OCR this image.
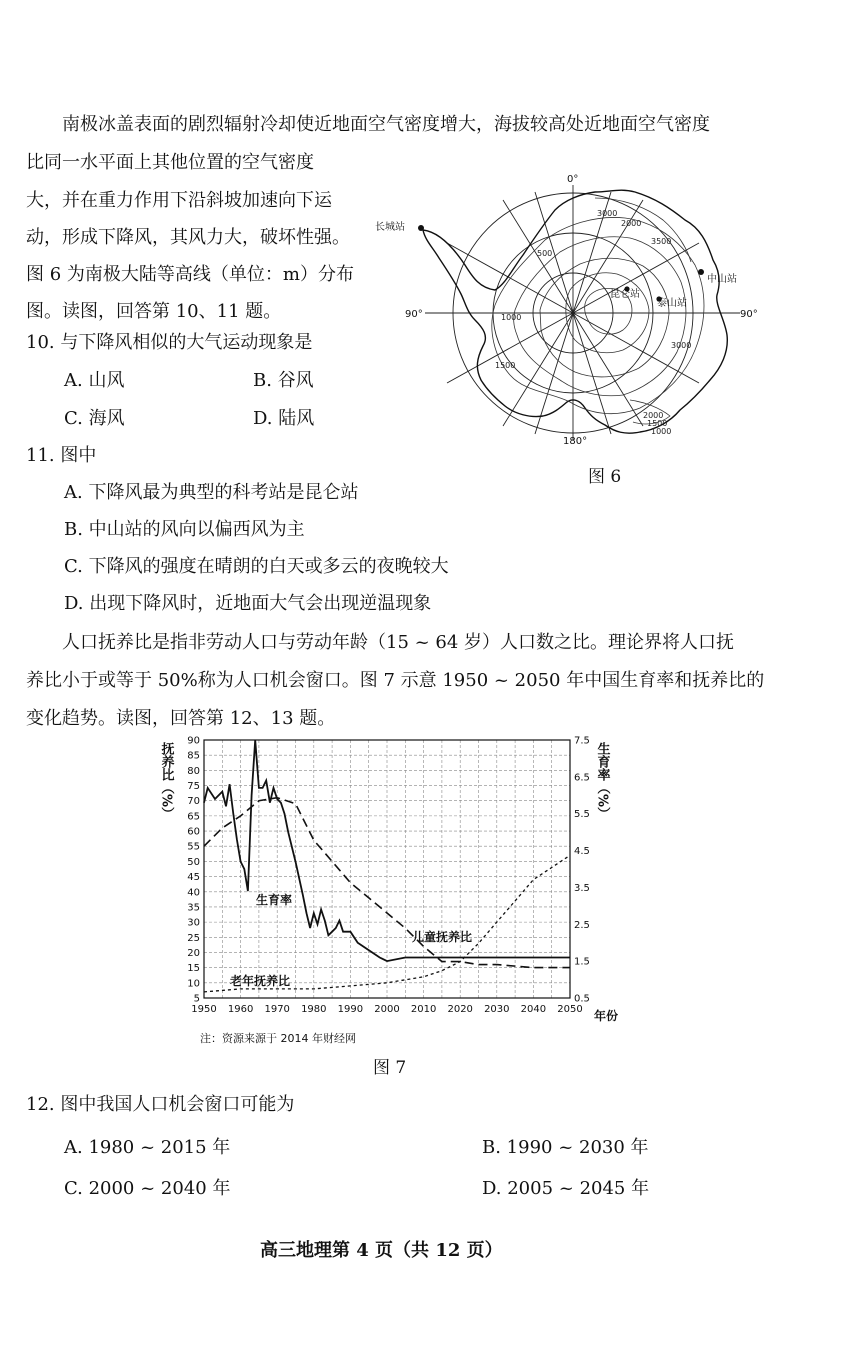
南极冰盖表面的剧烈辐射冷却使近地面空气密度增大，海拔较高处近地面空气密度
比同一水平面上其他位置的空气密度
大，并在重力作用下沿斜坡加速向下运
动，形成下降风，其风力大，破坏性强。
图 6 为南极大陆等高线（单位：m）分布
图。读图，回答第 10、11 题。
10. 与下降风相似的大气运动现象是
A. 山风	B. 谷风
C. 海风	D. 陆风
11. 图中
A. 下降风最为典型的科考站是昆仑站
B. 中山站的风向以偏西风为主
C. 下降风的强度在晴朗的白天或多云的夜晚较大
D. 出现下降风时，近地面大气会出现逆温现象
0°
180°
90°	90°
长城站
中山站
昆仑站
泰山站
3000
2000
3500
500
1000
1500
3000
2000
1500
1000
图 6
人口抚养比是指非劳动人口与劳动年龄（15 ~ 64 岁）人口数之比。理论界将人口抚
养比小于或等于 50%称为人口机会窗口。图 7 示意 1950 ~ 2050 年中国生育率和抚养比的
变化趋势。读图，回答第 12、13 题。
5
10
15
20
25
30
35
40
45
50
55
60
65
70
75
80
85
90
0.5
1.5
2.5
3.5
4.5
5.5
6.5
7.5
1950 1960 1970 1980 1990 2000 2010 2020 2030 2040 2050
抚养比（%）	生育率（%）
年份
生育率
儿童抚养比
老年抚养比
注：资源来源于 2014 年财经网
图 7
12. 图中我国人口机会窗口可能为
A. 1980 ~ 2015 年	B. 1990 ~ 2030 年
C. 2000 ~ 2040 年	D. 2005 ~ 2045 年
高三地理第 4 页（共 12 页）
